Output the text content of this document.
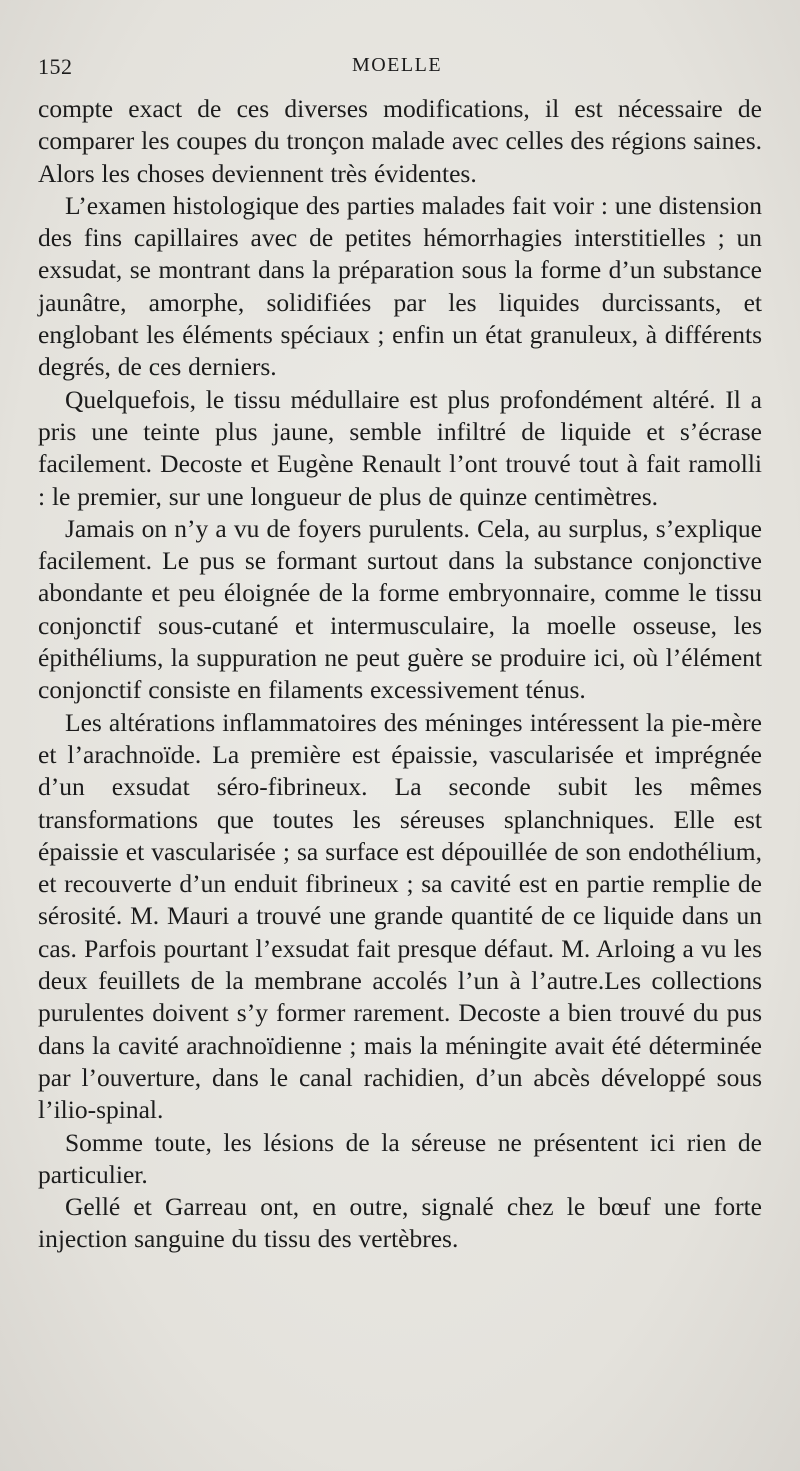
152	MOELLE

compte exact de ces diverses modifications, il est nécessaire de comparer les coupes du tronçon malade avec celles des régions saines. Alors les choses deviennent très évidentes.

L’examen histologique des parties malades fait voir : une distension des fins capillaires avec de petites hémorrhagies interstitielles ; un exsudat, se montrant dans la préparation sous la forme d’un substance jaunâtre, amorphe, solidifiées par les liquides durcissants, et englobant les éléments spéciaux ; enfin un état granuleux, à différents degrés, de ces derniers.

Quelquefois, le tissu médullaire est plus profondément altéré. Il a pris une teinte plus jaune, semble infiltré de liquide et s’écrase facilement. Decoste et Eugène Renault l’ont trouvé tout à fait ramolli : le premier, sur une longueur de plus de quinze centimètres.

Jamais on n’y a vu de foyers purulents. Cela, au surplus, s’explique facilement. Le pus se formant surtout dans la substance conjonctive abondante et peu éloignée de la forme embryonnaire, comme le tissu conjonctif sous-cutané et intermusculaire, la moelle osseuse, les épithéliums, la suppuration ne peut guère se produire ici, où l’élément conjonctif consiste en filaments excessivement ténus.

Les altérations inflammatoires des méninges intéressent la pie-mère et l’arachnoïde. La première est épaissie, vascularisée et imprégnée d’un exsudat séro-fibrineux. La seconde subit les mêmes transformations que toutes les séreuses splanchniques. Elle est épaissie et vascularisée ; sa surface est dépouillée de son endothélium, et recouverte d’un enduit fibrineux ; sa cavité est en partie remplie de sérosité. M. Mauri a trouvé une grande quantité de ce liquide dans un cas. Parfois pourtant l’exsudat fait presque défaut. M. Arloing a vu les deux feuillets de la membrane accolés l’un à l’autre.Les collections purulentes doivent s’y former rarement. Decoste a bien trouvé du pus dans la cavité arachnoïdienne ; mais la méningite avait été déterminée par l’ouverture, dans le canal rachidien, d’un abcès développé sous l’ilio-spinal.

Somme toute, les lésions de la séreuse ne présentent ici rien de particulier.

Gellé et Garreau ont, en outre, signalé chez le bœuf une forte injection sanguine du tissu des vertèbres.
